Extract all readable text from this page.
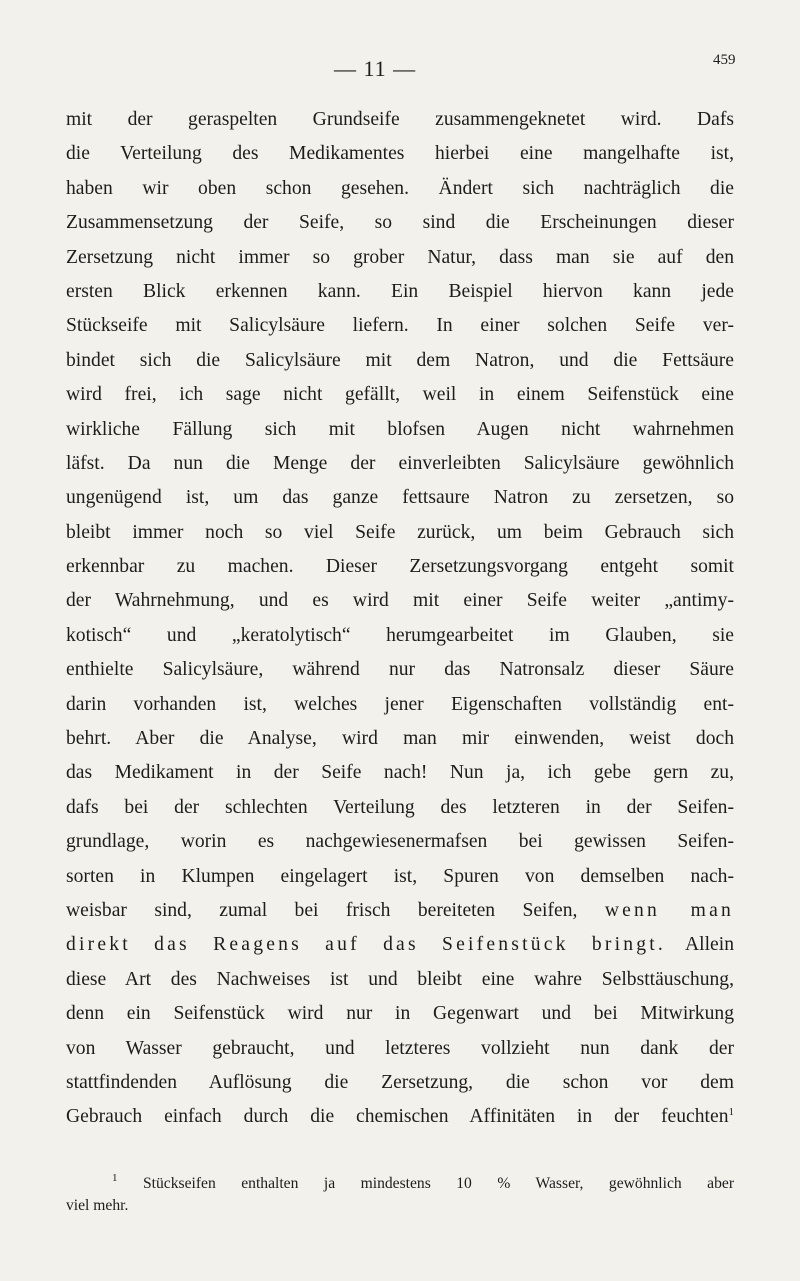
— 11 —	459
mit der geraspelten Grundseife zusammengeknetet wird. Dafs
die Verteilung des Medikamentes hierbei eine mangelhafte ist,
haben wir oben schon gesehen. Ändert sich nachträglich die
Zusammensetzung der Seife, so sind die Erscheinungen dieser
Zersetzung nicht immer so grober Natur, dass man sie auf den
ersten Blick erkennen kann. Ein Beispiel hiervon kann jede
Stückseife mit Salicylsäure liefern. In einer solchen Seife ver-
bindet sich die Salicylsäure mit dem Natron, und die Fettsäure
wird frei, ich sage nicht gefällt, weil in einem Seifenstück eine
wirkliche Fällung sich mit blofsen Augen nicht wahrnehmen
läfst. Da nun die Menge der einverleibten Salicylsäure gewöhnlich
ungenügend ist, um das ganze fettsaure Natron zu zersetzen, so
bleibt immer noch so viel Seife zurück, um beim Gebrauch sich
erkennbar zu machen. Dieser Zersetzungsvorgang entgeht somit
der Wahrnehmung, und es wird mit einer Seife weiter „antimy-
kotisch“ und „keratolytisch“ herumgearbeitet im Glauben, sie
enthielte Salicylsäure, während nur das Natronsalz dieser Säure
darin vorhanden ist, welches jener Eigenschaften vollständig ent-
behrt. Aber die Analyse, wird man mir einwenden, weist doch
das Medikament in der Seife nach! Nun ja, ich gebe gern zu,
dafs bei der schlechten Verteilung des letzteren in der Seifen-
grundlage, worin es nachgewiesenermafsen bei gewissen Seifen-
sorten in Klumpen eingelagert ist, Spuren von demselben nach-
weisbar sind, zumal bei frisch bereiteten Seifen, wenn man
direkt das Reagens auf das Seifenstück bringt. Allein
diese Art des Nachweises ist und bleibt eine wahre Selbsttäuschung,
denn ein Seifenstück wird nur in Gegenwart und bei Mitwirkung
von Wasser gebraucht, und letzteres vollzieht nun dank der
stattfindenden Auflösung die Zersetzung, die schon vor dem
Gebrauch einfach durch die chemischen Affinitäten in der feuchten$^1$
$^1$ Stückseifen enthalten ja mindestens 10 % Wasser, gewöhnlich aber
viel mehr.
